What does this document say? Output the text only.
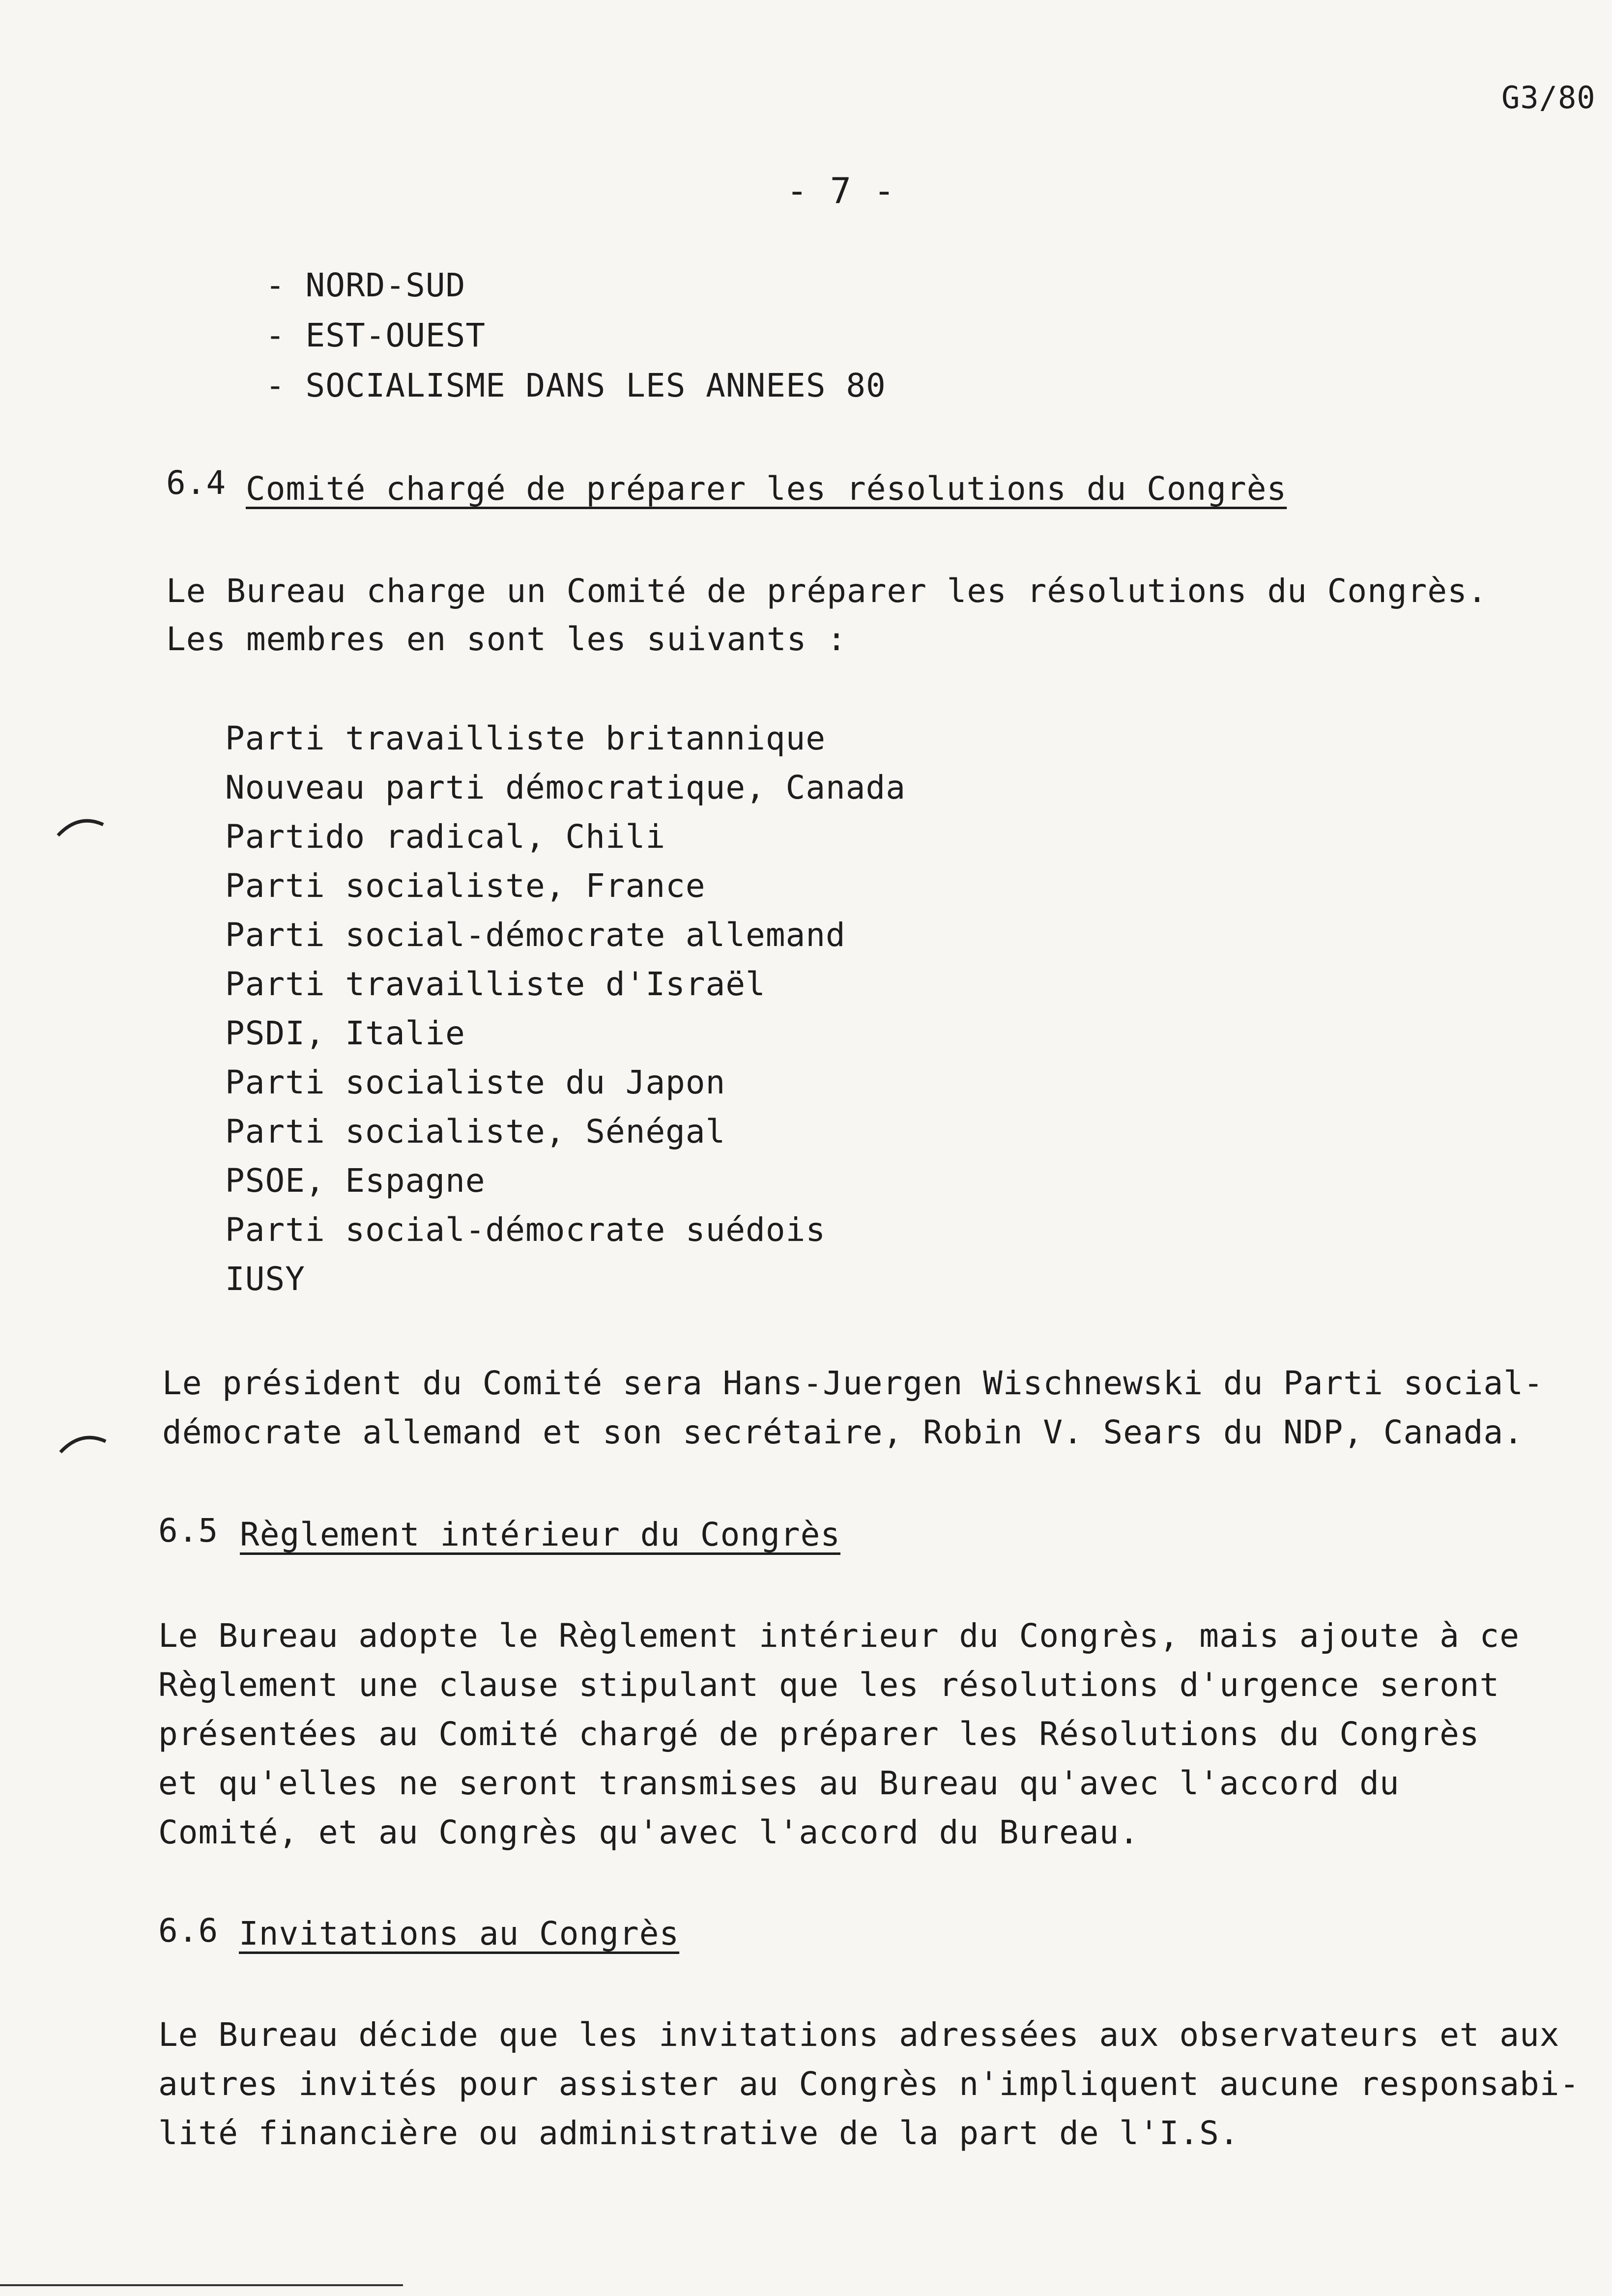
G3/80
- 7 -
- NORD-SUD
- EST-OUEST
- SOCIALISME DANS LES ANNEES 80
6.4 Comité chargé de préparer les résolutions du Congrès
Le Bureau charge un Comité de préparer les résolutions du Congrès.
Les membres en sont les suivants :
Parti travailliste britannique
Nouveau parti démocratique, Canada
Partido radical, Chili
Parti socialiste, France
Parti social-démocrate allemand
Parti travailliste d'Israël
PSDI, Italie
Parti socialiste du Japon
Parti socialiste, Sénégal
PSOE, Espagne
Parti social-démocrate suédois
IUSY
Le président du Comité sera Hans-Juergen Wischnewski du Parti social-
démocrate allemand et son secrétaire, Robin V. Sears du NDP, Canada.
6.5 Règlement intérieur du Congrès
Le Bureau adopte le Règlement intérieur du Congrès, mais ajoute à ce
Règlement une clause stipulant que les résolutions d'urgence seront
présentées au Comité chargé de préparer les Résolutions du Congrès
et qu'elles ne seront transmises au Bureau qu'avec l'accord du
Comité, et au Congrès qu'avec l'accord du Bureau.
6.6 Invitations au Congrès
Le Bureau décide que les invitations adressées aux observateurs et aux
autres invités pour assister au Congrès n'impliquent aucune responsabi-
lité financière ou administrative de la part de l'I.S.
